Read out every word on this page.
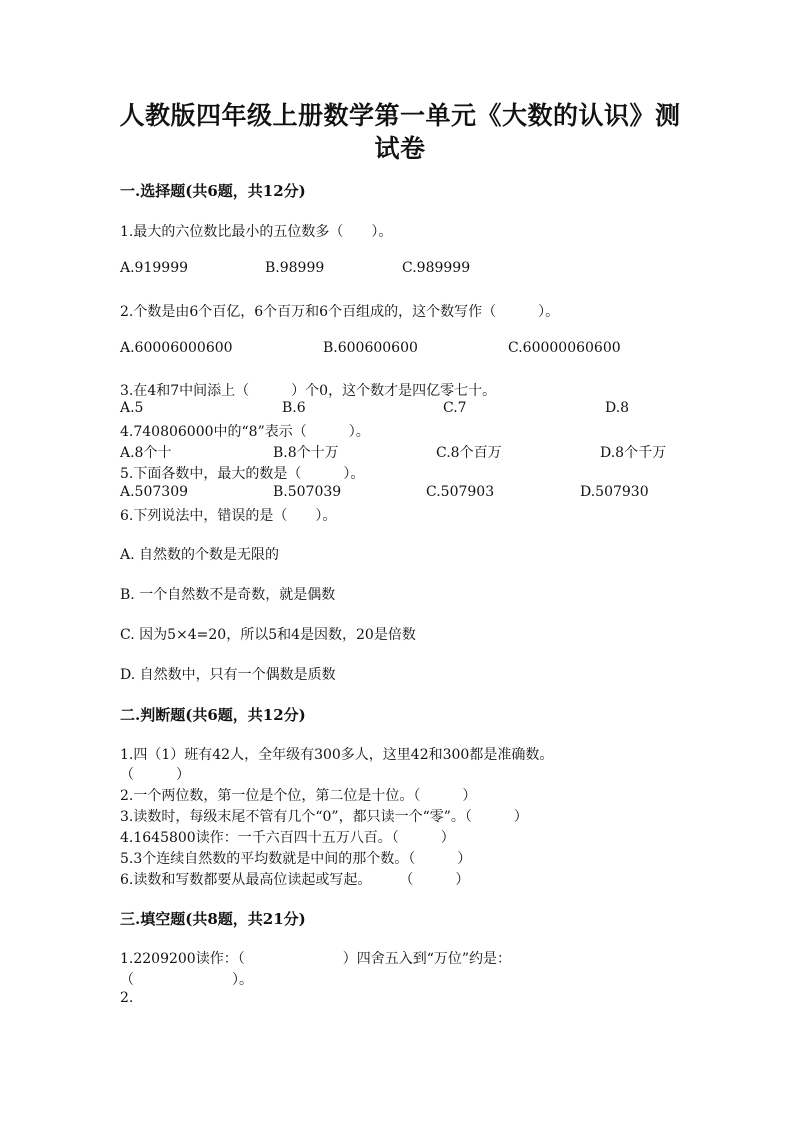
人教版四年级上册数学第一单元《大数的认识》测
试卷
一.选择题(共6题，共12分)
1.最大的六位数比最小的五位数多（　　）。
A.919999	B.98999	C.989999
2.个数是由6个百亿，6个百万和6个百组成的，这个数写作（　　　）。
A.60006000600	B.600600600	C.60000060600
3.在4和7中间添上（　　　）个0，这个数才是四亿零七十。
A.5	B.6	C.7	D.8
4.740806000中的“8”表示（　　　）。
A.8个十	B.8个十万	C.8个百万	D.8个千万
5.下面各数中，最大的数是（　　　）。
A.507309	B.507039	C.507903	D.507930
6.下列说法中，错误的是（　　）。
A. 自然数的个数是无限的
B. 一个自然数不是奇数，就是偶数
C. 因为5×4=20，所以5和4是因数，20是倍数
D. 自然数中，只有一个偶数是质数
二.判断题(共6题，共12分)
1.四（1）班有42人，全年级有300多人，这里42和300都是准确数。
（　　　）
2.一个两位数，第一位是个位，第二位是十位。（　　　）
3.读数时，每级末尾不管有几个“0”，都只读一个“零”。（　　　）
4.1645800读作：一千六百四十五万八百。（　　　）
5.3个连续自然数的平均数就是中间的那个数。（　　　）
6.读数和写数都要从最高位读起或写起。　　　（　　　）
三.填空题(共8题，共21分)
1.2209200读作：（　　　　　　　）四舍五入到“万位”约是：
（　　　　　　　）。
2.
